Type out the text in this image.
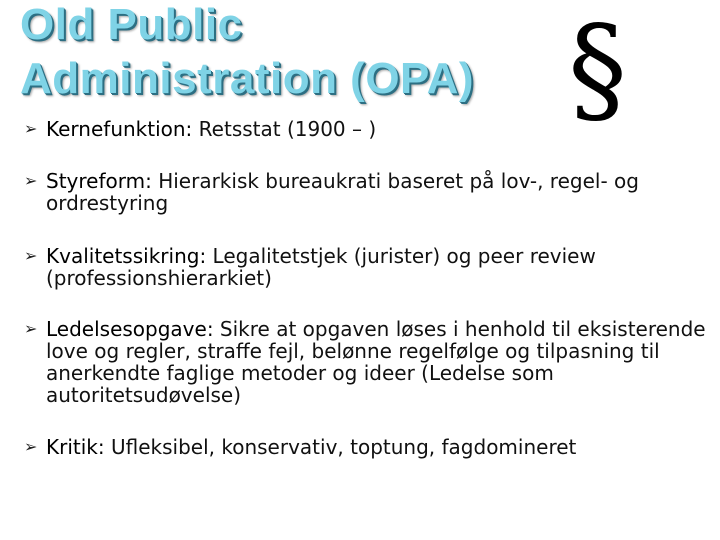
Old Public
Administration (OPA) §
➢ Kernefunktion: Retsstat (1900 – )
➢ Styreform: Hierarkisk bureaukrati baseret på lov-, regel- og ordrestyring
➢ Kvalitetssikring: Legalitetstjek (jurister) og peer review (professionshierarkiet)
➢ Ledelsesopgave: Sikre at opgaven løses i henhold til eksisterende love og regler, straffe fejl, belønne regelfølge og tilpasning til anerkendte faglige metoder og ideer (Ledelse som autoritetsudøvelse)
➢ Kritik: Ufleksibel, konservativ, toptung, fagdomineret
